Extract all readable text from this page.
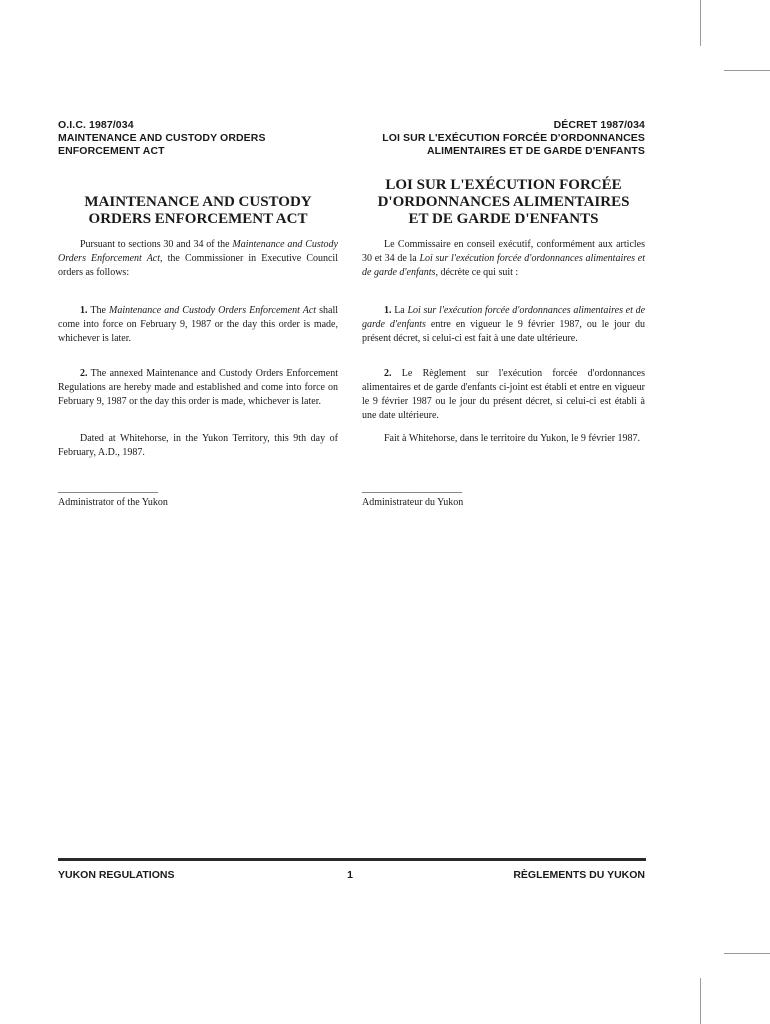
O.I.C. 1987/034
MAINTENANCE AND CUSTODY ORDERS
ENFORCEMENT ACT
DÉCRET 1987/034
LOI SUR L'EXÉCUTION FORCÉE D'ORDONNANCES
ALIMENTAIRES ET DE GARDE D'ENFANTS
MAINTENANCE AND CUSTODY
ORDERS ENFORCEMENT ACT
LOI SUR L'EXÉCUTION FORCÉE
D'ORDONNANCES ALIMENTAIRES
ET DE GARDE D'ENFANTS
Pursuant to sections 30 and 34 of the Maintenance and Custody Orders Enforcement Act, the Commissioner in Executive Council orders as follows:
1. The Maintenance and Custody Orders Enforcement Act shall come into force on February 9, 1987 or the day this order is made, whichever is later.
2. The annexed Maintenance and Custody Orders Enforcement Regulations are hereby made and established and come into force on February 9, 1987 or the day this order is made, whichever is later.
Dated at Whitehorse, in the Yukon Territory, this 9th day of February, A.D., 1987.
____________________
Administrator of the Yukon
Le Commissaire en conseil exécutif, conformément aux articles 30 et 34 de la Loi sur l'exécution forcée d'ordonnances alimentaires et de garde d'enfants, décrète ce qui suit :
1. La Loi sur l'exécution forcée d'ordonnances alimentaires et de garde d'enfants entre en vigueur le 9 février 1987, ou le jour du présent décret, si celui-ci est fait à une date ultérieure.
2. Le Règlement sur l'exécution forcée d'ordonnances alimentaires et de garde d'enfants ci-joint est établi et entre en vigueur le 9 février 1987 ou le jour du présent décret, si celui-ci est établi à une date ultérieure.
Fait à Whitehorse, dans le territoire du Yukon, le 9 février 1987.
____________________
Administrateur du Yukon
YUKON REGULATIONS	1	RÈGLEMENTS DU YUKON
